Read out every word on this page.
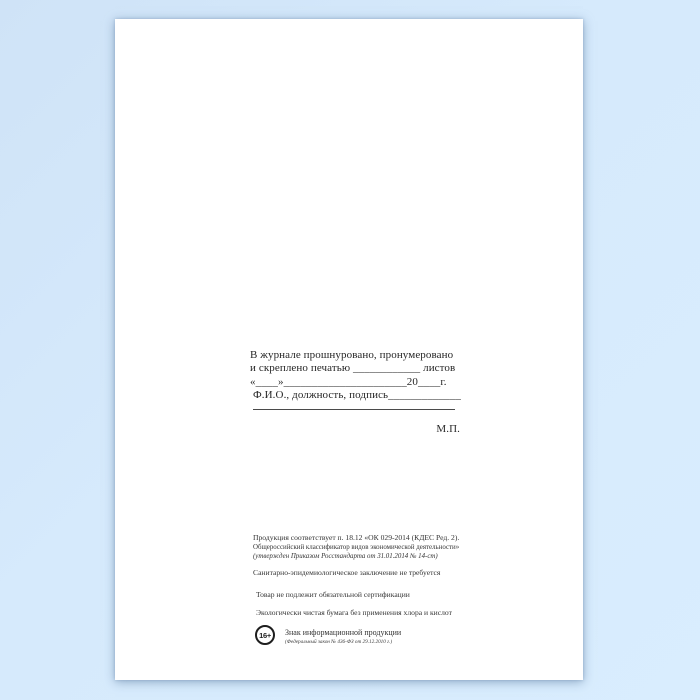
В журнале прошнуровано, пронумеровано
и скреплено печатью ____________ листов
«____»______________________20____г.
Ф.И.О., должность, подпись_____________
М.П.
Продукция соответствует п. 18.12 «ОК 029-2014 (КДЕС Ред. 2).
Общероссийский классификатор видов экономической деятельности»
(утвержден Приказом Росстандарта от 31.01.2014 № 14-ст)
Санитарно-эпидемиологическое заключение не требуется
Товар не подлежит обязательной сертификации
Экологически чистая бумага без применения хлора и кислот
16+	Знак информационной продукции
(Федеральный закон № 436-ФЗ от 29.12.2010 г.)
